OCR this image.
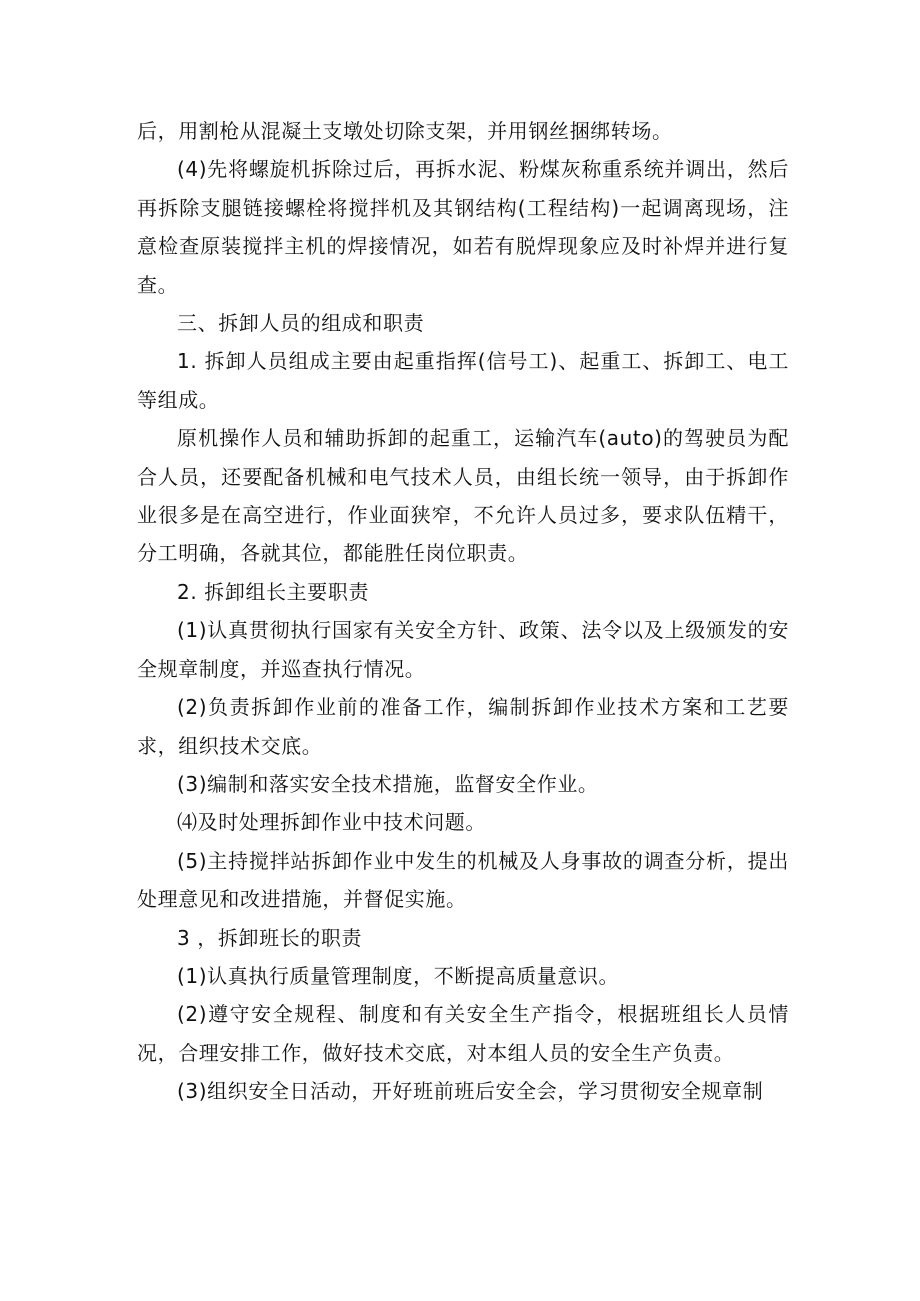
后，用割枪从混凝土支墩处切除支架，并用钢丝捆绑转场。

(4)先将螺旋机拆除过后，再拆水泥、粉煤灰称重系统并调出，然后再拆除支腿链接螺栓将搅拌机及其钢结构(工程结构)一起调离现场，注意检查原装搅拌主机的焊接情况，如若有脱焊现象应及时补焊并进行复查。

三、拆卸人员的组成和职责

1. 拆卸人员组成主要由起重指挥(信号工)、起重工、拆卸工、电工等组成。

原机操作人员和辅助拆卸的起重工，运输汽车(auto)的驾驶员为配合人员，还要配备机械和电气技术人员，由组长统一领导，由于拆卸作业很多是在高空进行，作业面狭窄，不允许人员过多，要求队伍精干，分工明确，各就其位，都能胜任岗位职责。

2. 拆卸组长主要职责

(1)认真贯彻执行国家有关安全方针、政策、法令以及上级颁发的安全规章制度，并巡查执行情况。

(2)负责拆卸作业前的准备工作，编制拆卸作业技术方案和工艺要求，组织技术交底。

(3)编制和落实安全技术措施，监督安全作业。

⑷及时处理拆卸作业中技术问题。

(5)主持搅拌站拆卸作业中发生的机械及人身事故的调查分析，提出处理意见和改进措施，并督促实施。

3 ，拆卸班长的职责

(1)认真执行质量管理制度，不断提高质量意识。

(2)遵守安全规程、制度和有关安全生产指令，根据班组长人员情况，合理安排工作，做好技术交底，对本组人员的安全生产负责。

(3)组织安全日活动，开好班前班后安全会，学习贯彻安全规章制
